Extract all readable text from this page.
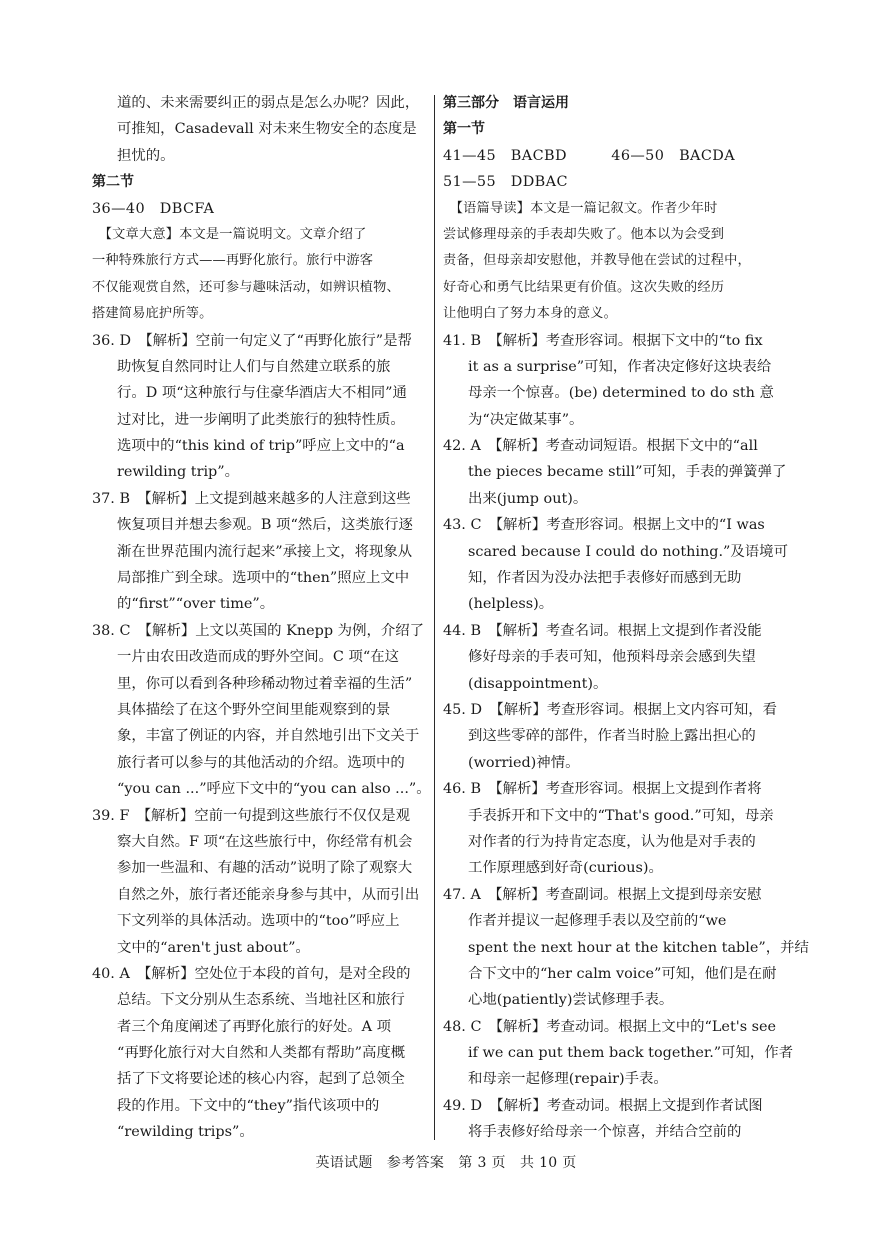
道的、未来需要纠正的弱点是怎么办呢？因此，
可推知，Casadevall 对未来生物安全的态度是
担忧的。
第二节
36—40　DBCFA
　【文章大意】本文是一篇说明文。文章介绍了
一种特殊旅行方式——再野化旅行。旅行中游客
不仅能观赏自然，还可参与趣味活动，如辨识植物、
搭建简易庇护所等。
36. D　【解析】空前一句定义了“再野化旅行”是帮
助恢复自然同时让人们与自然建立联系的旅
行。D 项“这种旅行与住豪华酒店大不相同”通
过对比，进一步阐明了此类旅行的独特性质。
选项中的“this kind of trip”呼应上文中的“a
rewilding trip”。
37. B　【解析】上文提到越来越多的人注意到这些
恢复项目并想去参观。B 项“然后，这类旅行逐
渐在世界范围内流行起来”承接上文，将现象从
局部推广到全球。选项中的“then”照应上文中
的“first”“over time”。
38. C　【解析】上文以英国的 Knepp 为例，介绍了
一片由农田改造而成的野外空间。C 项“在这
里，你可以看到各种珍稀动物过着幸福的生活”
具体描绘了在这个野外空间里能观察到的景
象，丰富了例证的内容，并自然地引出下文关于
旅行者可以参与的其他活动的介绍。选项中的
“you can ...”呼应下文中的“you can also ...”。
39. F　【解析】空前一句提到这些旅行不仅仅是观
察大自然。F 项“在这些旅行中，你经常有机会
参加一些温和、有趣的活动”说明了除了观察大
自然之外，旅行者还能亲身参与其中，从而引出
下文列举的具体活动。选项中的“too”呼应上
文中的“aren't just about”。
40. A　【解析】空处位于本段的首句，是对全段的
总结。下文分别从生态系统、当地社区和旅行
者三个角度阐述了再野化旅行的好处。A 项
“再野化旅行对大自然和人类都有帮助”高度概
括了下文将要论述的核心内容，起到了总领全
段的作用。下文中的“they”指代该项中的
“rewilding trips”。
第三部分　语言运用
第一节
41—45　BACBD　　　46—50　BACDA
51—55　DDBAC
　【语篇导读】本文是一篇记叙文。作者少年时
尝试修理母亲的手表却失败了。他本以为会受到
责备，但母亲却安慰他，并教导他在尝试的过程中，
好奇心和勇气比结果更有价值。这次失败的经历
让他明白了努力本身的意义。
41. B　【解析】考查形容词。根据下文中的“to fix
it as a surprise”可知，作者决定修好这块表给
母亲一个惊喜。(be) determined to do sth 意
为“决定做某事”。
42. A　【解析】考查动词短语。根据下文中的“all
the pieces became still”可知，手表的弹簧弹了
出来(jump out)。
43. C　【解析】考查形容词。根据上文中的“I was
scared because I could do nothing.”及语境可
知，作者因为没办法把手表修好而感到无助
(helpless)。
44. B　【解析】考查名词。根据上文提到作者没能
修好母亲的手表可知，他预料母亲会感到失望
(disappointment)。
45. D　【解析】考查形容词。根据上文内容可知，看
到这些零碎的部件，作者当时脸上露出担心的
(worried)神情。
46. B　【解析】考查形容词。根据上文提到作者将
手表拆开和下文中的“That's good.”可知，母亲
对作者的行为持肯定态度，认为他是对手表的
工作原理感到好奇(curious)。
47. A　【解析】考查副词。根据上文提到母亲安慰
作者并提议一起修理手表以及空前的“we
spent the next hour at the kitchen table”，并结
合下文中的“her calm voice”可知，他们是在耐
心地(patiently)尝试修理手表。
48. C　【解析】考查动词。根据上文中的“Let's see
if we can put them back together.”可知，作者
和母亲一起修理(repair)手表。
49. D　【解析】考查动词。根据上文提到作者试图
将手表修好给母亲一个惊喜，并结合空前的
英语试题　参考答案　第 3 页　共 10 页
